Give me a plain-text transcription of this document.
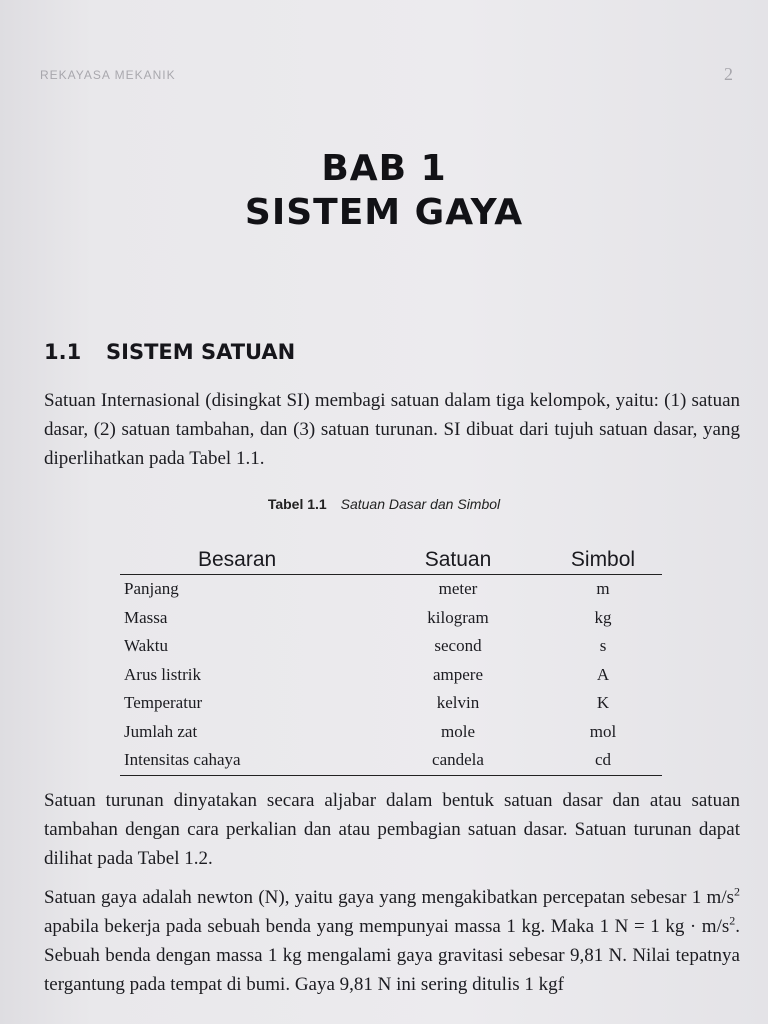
REKAYASA MEKANIK	2
BAB 1
SISTEM GAYA
1.1 SISTEM SATUAN
Satuan Internasional (disingkat SI) membagi satuan dalam tiga kelompok, yaitu: (1) satuan dasar, (2) satuan tambahan, dan (3) satuan turunan. SI dibuat dari tujuh satuan dasar, yang diperlihatkan pada Tabel 1.1.
Tabel 1.1 Satuan Dasar dan Simbol
Besaran	Satuan	Simbol
Panjang	meter	m
Massa	kilogram	kg
Waktu	second	s
Arus listrik	ampere	A
Temperatur	kelvin	K
Jumlah zat	mole	mol
Intensitas cahaya	candela	cd
Satuan turunan dinyatakan secara aljabar dalam bentuk satuan dasar dan atau satuan tambahan dengan cara perkalian dan atau pembagian satuan dasar. Satuan turunan dapat dilihat pada Tabel 1.2.
Satuan gaya adalah newton (N), yaitu gaya yang mengakibatkan percepatan sebesar 1 $m/s^2$ apabila bekerja pada sebuah benda yang mempunyai massa 1 kg. Maka 1 N = 1 kg · $m/s^2$. Sebuah benda dengan massa 1 kg mengalami gaya gravitasi sebesar 9,81 N. Nilai tepatnya tergantung pada tempat di bumi. Gaya 9,81 N ini sering ditulis 1 kgf
